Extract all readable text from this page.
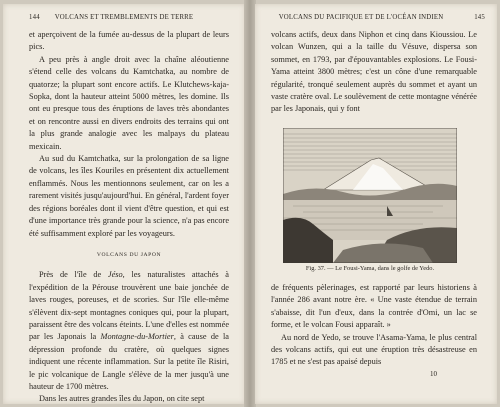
144	VOLCANS ET TREMBLEMENTS DE TERRE

et aperçoivent de la fumée au-dessus de la plupart de leurs pics.

A peu près à angle droit avec la chaîne aléoutienne s'étend celle des volcans du Kamtchatka, au nombre de quatorze; la plupart sont encore actifs. Le Klutchews-kaja-Sopka, dont la hauteur atteint 5000 mètres, les domine. Ils ont eu presque tous des éruptions de laves très abondantes et on rencontre aussi en divers endroits des terrains qui ont la plus grande analogie avec les malpays du plateau mexicain.

Au sud du Kamtchatka, sur la prolongation de sa ligne de volcans, les îles Kouriles en présentent dix actuellement enflammés. Nous les mentionnons seulement, car on les a rarement visités jusqu'aujourd'hui. En général, l'ardent foyer des régions boréales dont il vient d'être question, et qui est d'une importance très grande pour la science, n'a pas encore été suffisamment exploré par les voyageurs.

VOLCANS DU JAPON

Près de l'île de Jéso, les naturalistes attachés à l'expédition de la Pérouse trouvèrent une baie jonchée de laves rouges, poreuses, et de scories. Sur l'île elle-même s'élèvent dix-sept montagnes coniques qui, pour la plupart, paraissent être des volcans éteints. L'une d'elles est nommée par les Japonais la Montagne-du-Mortier, à cause de la dépression profonde du cratère, où quelques signes indiquent une récente inflammation. Sur la petite île Risiri, le pic volcanique de Langle s'élève de la mer jusqu'à une hauteur de 1700 mètres.

Dans les autres grandes îles du Japon, on cite sept

VOLCANS DU PACIFIQUE ET DE L'OCÉAN INDIEN	145

volcans actifs, deux dans Niphon et cinq dans Kioussiou. Le volcan Wunzen, qui a la taille du Vésuve, dispersa son sommet, en 1793, par d'épouvantables explosions. Le Fousi-Yama atteint 3800 mètres; c'est un cône d'une remarquable régularité, tronqué seulement auprès du sommet et ayant un vaste cratère oval. Le soulèvement de cette montagne vénérée par les Japonais, qui y font

Fig. 37. — Le Fousi-Yama, dans le golfe de Yedo.

de fréquents pèlerinages, est rapporté par leurs historiens à l'année 286 avant notre ère. « Une vaste étendue de terrain s'abaisse, dit l'un d'eux, dans la contrée d'Omi, un lac se forme, et le volcan Fousi apparaît. »

Au nord de Yedo, se trouve l'Asama-Yama, le plus central des volcans actifs, qui eut une éruption très désastreuse en 1785 et ne s'est pas apaisé depuis

10
